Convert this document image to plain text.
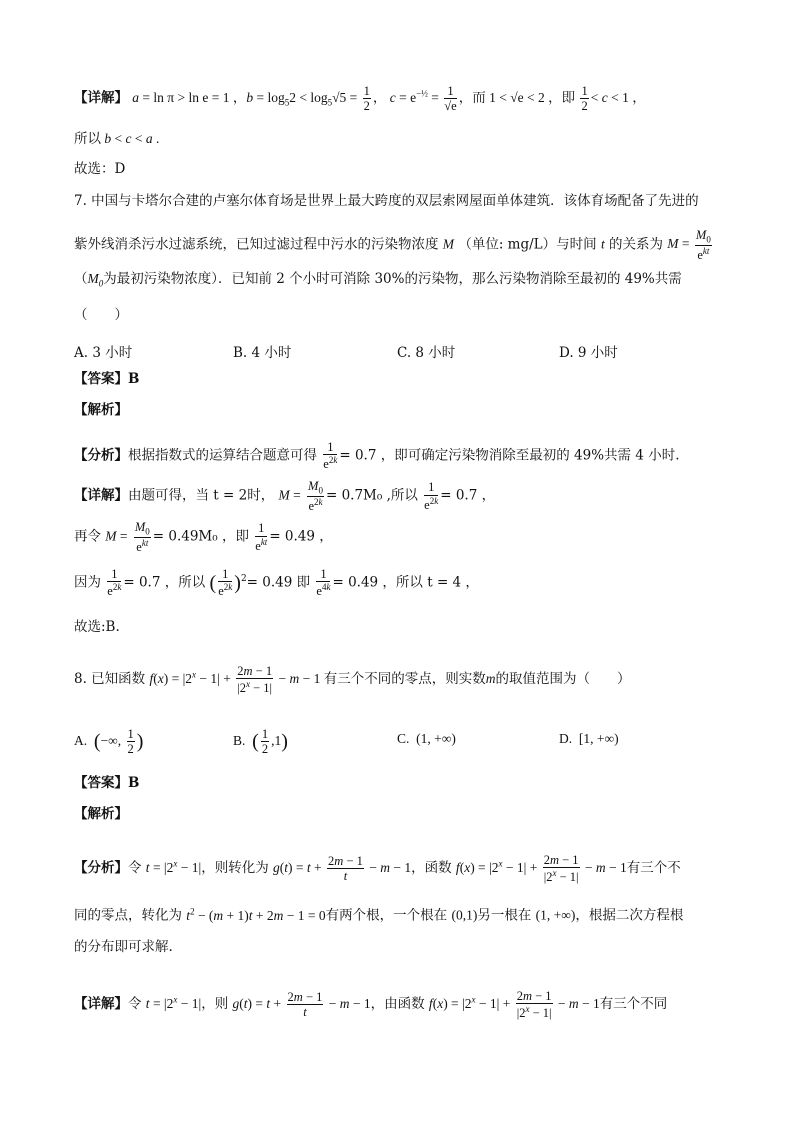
【详解】 a = ln π > ln e = 1 ，$b = \log_52 < \log_5√5 = \frac{1}{2}$ ， $c = e^{-\frac{1}{2}} = \frac{1}{√e}$ ，而 1 < √e < 2 ，即 $\frac{1}{2} < c < 1$ ，
所以 b < c < a .
故选：D
7. 中国与卡塔尔合建的卢塞尔体育场是世界上最大跨度的双层索网屋面单体建筑．该体育场配备了先进的
紫外线消杀污水过滤系统，已知过滤过程中污水的污染物浓度 M （单位: mg/L）与时间 t 的关系为 $M = \frac{M_0}{e^{kt}}$
（$M_0$为最初污染物浓度）．已知前 2 个小时可消除 30%的污染物，那么污染物消除至最初的 49%共需
（　　）
A. 3 小时	B. 4 小时	C. 8 小时	D. 9 小时
【答案】B
【解析】
【分析】根据指数式的运算结合题意可得 $\frac{1}{e^{2k}} = 0.7$ ，即可确定污染物消除至最初的 49%共需 4 小时.
【详解】由题可得，当 t = 2时， $M = \frac{M_0}{e^{2k}} = 0.7M_0$ ,所以 $\frac{1}{e^{2k}} = 0.7$ ，
再令 $M = \frac{M_0}{e^{kt}} = 0.49M_0$ ，即 $\frac{1}{e^{kt}} = 0.49$ ，
因为 $\frac{1}{e^{2k}} = 0.7$ ，所以 ( $\frac{1}{e^{2k}} )^2= 0.49$ 即 $\frac{1}{e^{4k}} = 0.49$ ，所以 t = 4 ，
故选:B.
8. 已知函数 $f(x) = |2^x - 1| + \frac{2m - 1}{|2^x - 1|} - m - 1$ 有三个不同的零点，则实数m的取值范围为（　　）
A.  (−∞, $\frac{1}{2}$ )	B.  ( $\frac{1}{2} ,1$)	C.  (1, +∞)	D.  [1, +∞)
【答案】B
【解析】
【分析】令 $t = |2^x - 1|$，则转化为 $g(t) = t + \frac{2m - 1}{t} - m - 1$，函数 $f(x) = |2^x - 1| + \frac{2m - 1}{|2^x - 1|} - m - 1$有三个不
同的零点，转化为 $t^2 - (m + 1)t + 2m - 1 = 0$有两个根，一个根在 (0,1)另一根在 (1, +∞)，根据二次方程根
的分布即可求解.
【详解】令 $t = |2^x - 1|$，则 $g(t) = t + \frac{2m - 1}{t} - m - 1$，由函数 $f(x) = |2^x - 1| + \frac{2m - 1}{|2^x - 1|} - m - 1$有三个不同
